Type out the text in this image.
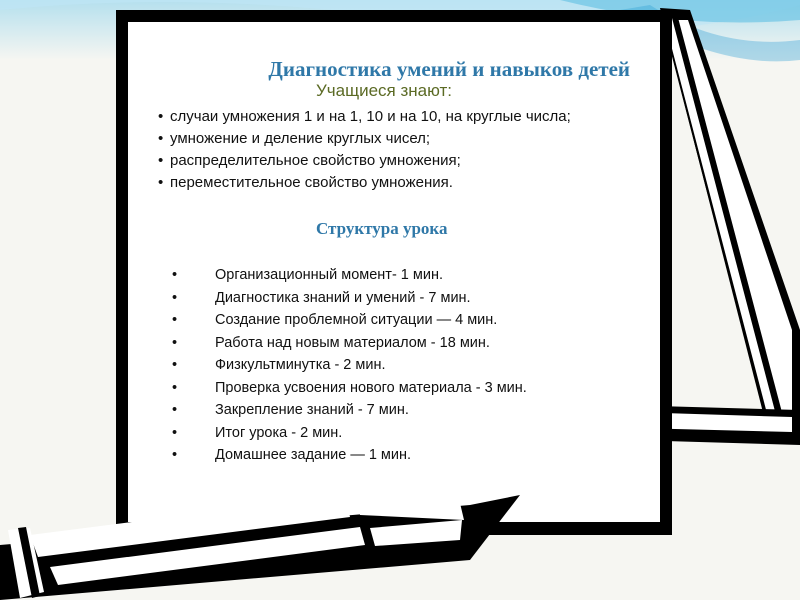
Диагностика умений и навыков детей
Учащиеся знают:
• случаи умножения 1 и на 1, 10 и на 10, на круглые числа;
• умножение и деление круглых чисел;
• распределительное свойство умножения;
• переместительное свойство умножения.
Структура урока
•	Организационный момент- 1 мин.
•	Диагностика знаний и умений - 7 мин.
•	Создание проблемной ситуации — 4 мин.
•	Работа над новым материалом - 18 мин.
•	Физкультминутка - 2 мин.
•	Проверка усвоения нового материала - 3 мин.
•	Закрепление знаний - 7 мин.
•	Итог урока - 2 мин.
•	Домашнее задание — 1 мин.
